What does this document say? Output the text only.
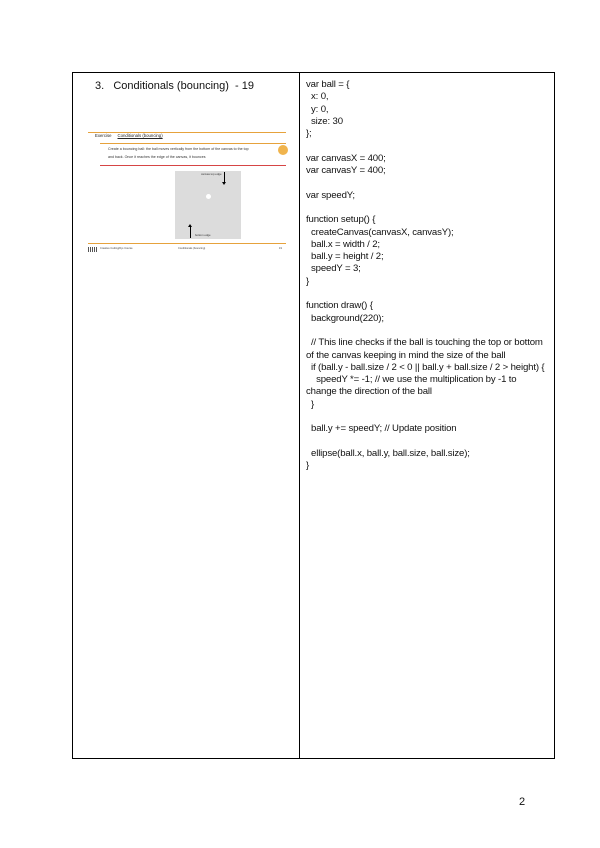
3.   Conditionals (bouncing)  - 19
Exercise Conditionals (bouncing)
Create a bouncing ball: the ball moves vertically from the bottom of the canvas to the top
and back. Once it reaches the edge of the canvas, it bounces
canvas top edge
bottom edge
Creative Coding p5.js Course	Conditionals (bouncing)	19
var ball = {
x: 0,
y: 0,
size: 30
};

var canvasX = 400;
var canvasY = 400;

var speedY;

function setup() {
createCanvas(canvasX, canvasY);
ball.x = width / 2;
ball.y = height / 2;
speedY = 3;
}

function draw() {
background(220);

// This line checks if the ball is touching the top or bottom of the canvas keeping in mind the size of the ball
if (ball.y - ball.size / 2 < 0 || ball.y + ball.size / 2 > height) {
speedY *= -1; // we use the multiplication by -1 to change the direction of the ball
}

ball.y += speedY; // Update position

ellipse(ball.x, ball.y, ball.size, ball.size);
}
2
